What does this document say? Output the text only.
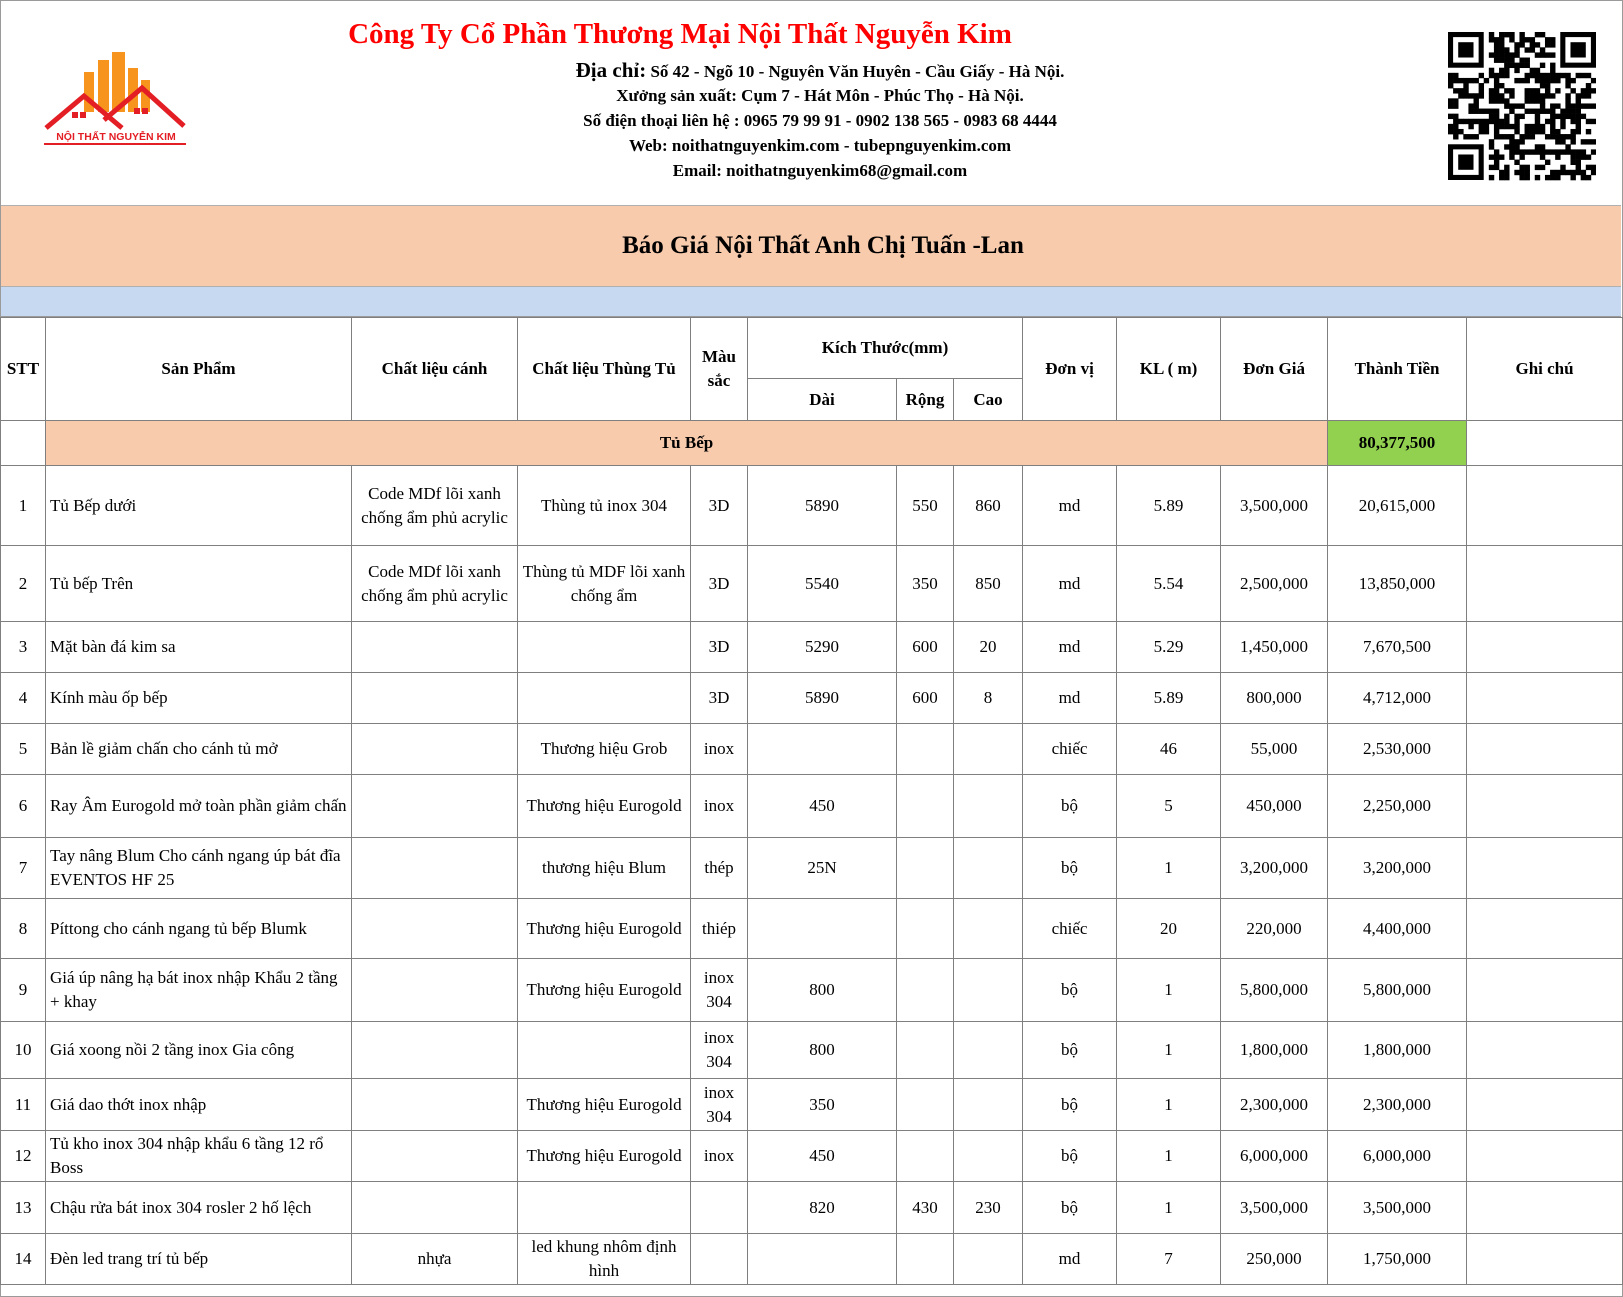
NỘI THẤT NGUYỄN KIM
Công Ty Cổ Phần Thương Mại Nội Thất Nguyễn Kim
Địa chỉ: Số 42 - Ngõ 10 - Nguyên Văn Huyên - Cầu Giấy - Hà Nội.
Xưởng sản xuất: Cụm 7 - Hát Môn - Phúc Thọ - Hà Nội.
Số điện thoại liên hệ : 0965 79 99 91 - 0902 138 565 - 0983 68 4444
Web: noithatnguyenkim.com - tubepnguyenkim.com
Email: noithatnguyenkim68@gmail.com
Báo Giá Nội Thất Anh Chị Tuấn -Lan
STT	Sản Phẩm	Chất liệu cánh	Chất liệu Thùng Tủ	Màu sắc	Kích Thước(mm)			Đơn vị	KL ( m)	Đơn Giá	Thành Tiền	Ghi chú
					Dài	Rộng	Cao					
	Tủ Bếp										80,377,500	
1	Tủ Bếp dưới	Code MDf lõi xanh chống ẩm phủ acrylic	Thùng tủ inox 304	3D	5890	550	860	md	5.89	3,500,000	20,615,000	
2	Tủ bếp Trên	Code MDf lõi xanh chống ẩm phủ acrylic	Thùng tủ MDF lõi xanh chống ẩm	3D	5540	350	850	md	5.54	2,500,000	13,850,000	
3	Mặt bàn đá kim sa			3D	5290	600	20	md	5.29	1,450,000	7,670,500	
4	Kính màu ốp bếp			3D	5890	600	8	md	5.89	800,000	4,712,000	
5	Bản lề giảm chấn cho cánh tủ mở		Thương hiệu Grob	inox				chiếc	46	55,000	2,530,000	
6	Ray Âm Eurogold mở toàn phần giảm chấn		Thương hiệu Eurogold	inox	450			bộ	5	450,000	2,250,000	
7	Tay nâng Blum Cho cánh ngang úp bát đĩa EVENTOS HF 25		thương hiệu Blum	thép	25N			bộ	1	3,200,000	3,200,000	
8	Píttong cho cánh ngang tủ bếp Blumk		Thương hiệu Eurogold	thiép				chiếc	20	220,000	4,400,000	
9	Giá úp nâng hạ bát inox nhập Khẩu 2 tầng + khay		Thương hiệu Eurogold	inox 304	800			bộ	1	5,800,000	5,800,000	
10	Giá xoong nồi 2 tầng inox Gia công			inox 304	800			bộ	1	1,800,000	1,800,000	
11	Giá dao thớt inox nhập		Thương hiệu Eurogold	inox 304	350			bộ	1	2,300,000	2,300,000	
12	Tủ kho inox 304 nhập khẩu 6 tầng 12 rổ Boss		Thương hiệu Eurogold	inox	450			bộ	1	6,000,000	6,000,000	
13	Chậu rửa bát inox 304 rosler 2 hố lệch				820	430	230	bộ	1	3,500,000	3,500,000	
14	Đèn led trang trí tủ bếp	nhựa	led khung nhôm định hình					md	7	250,000	1,750,000	
